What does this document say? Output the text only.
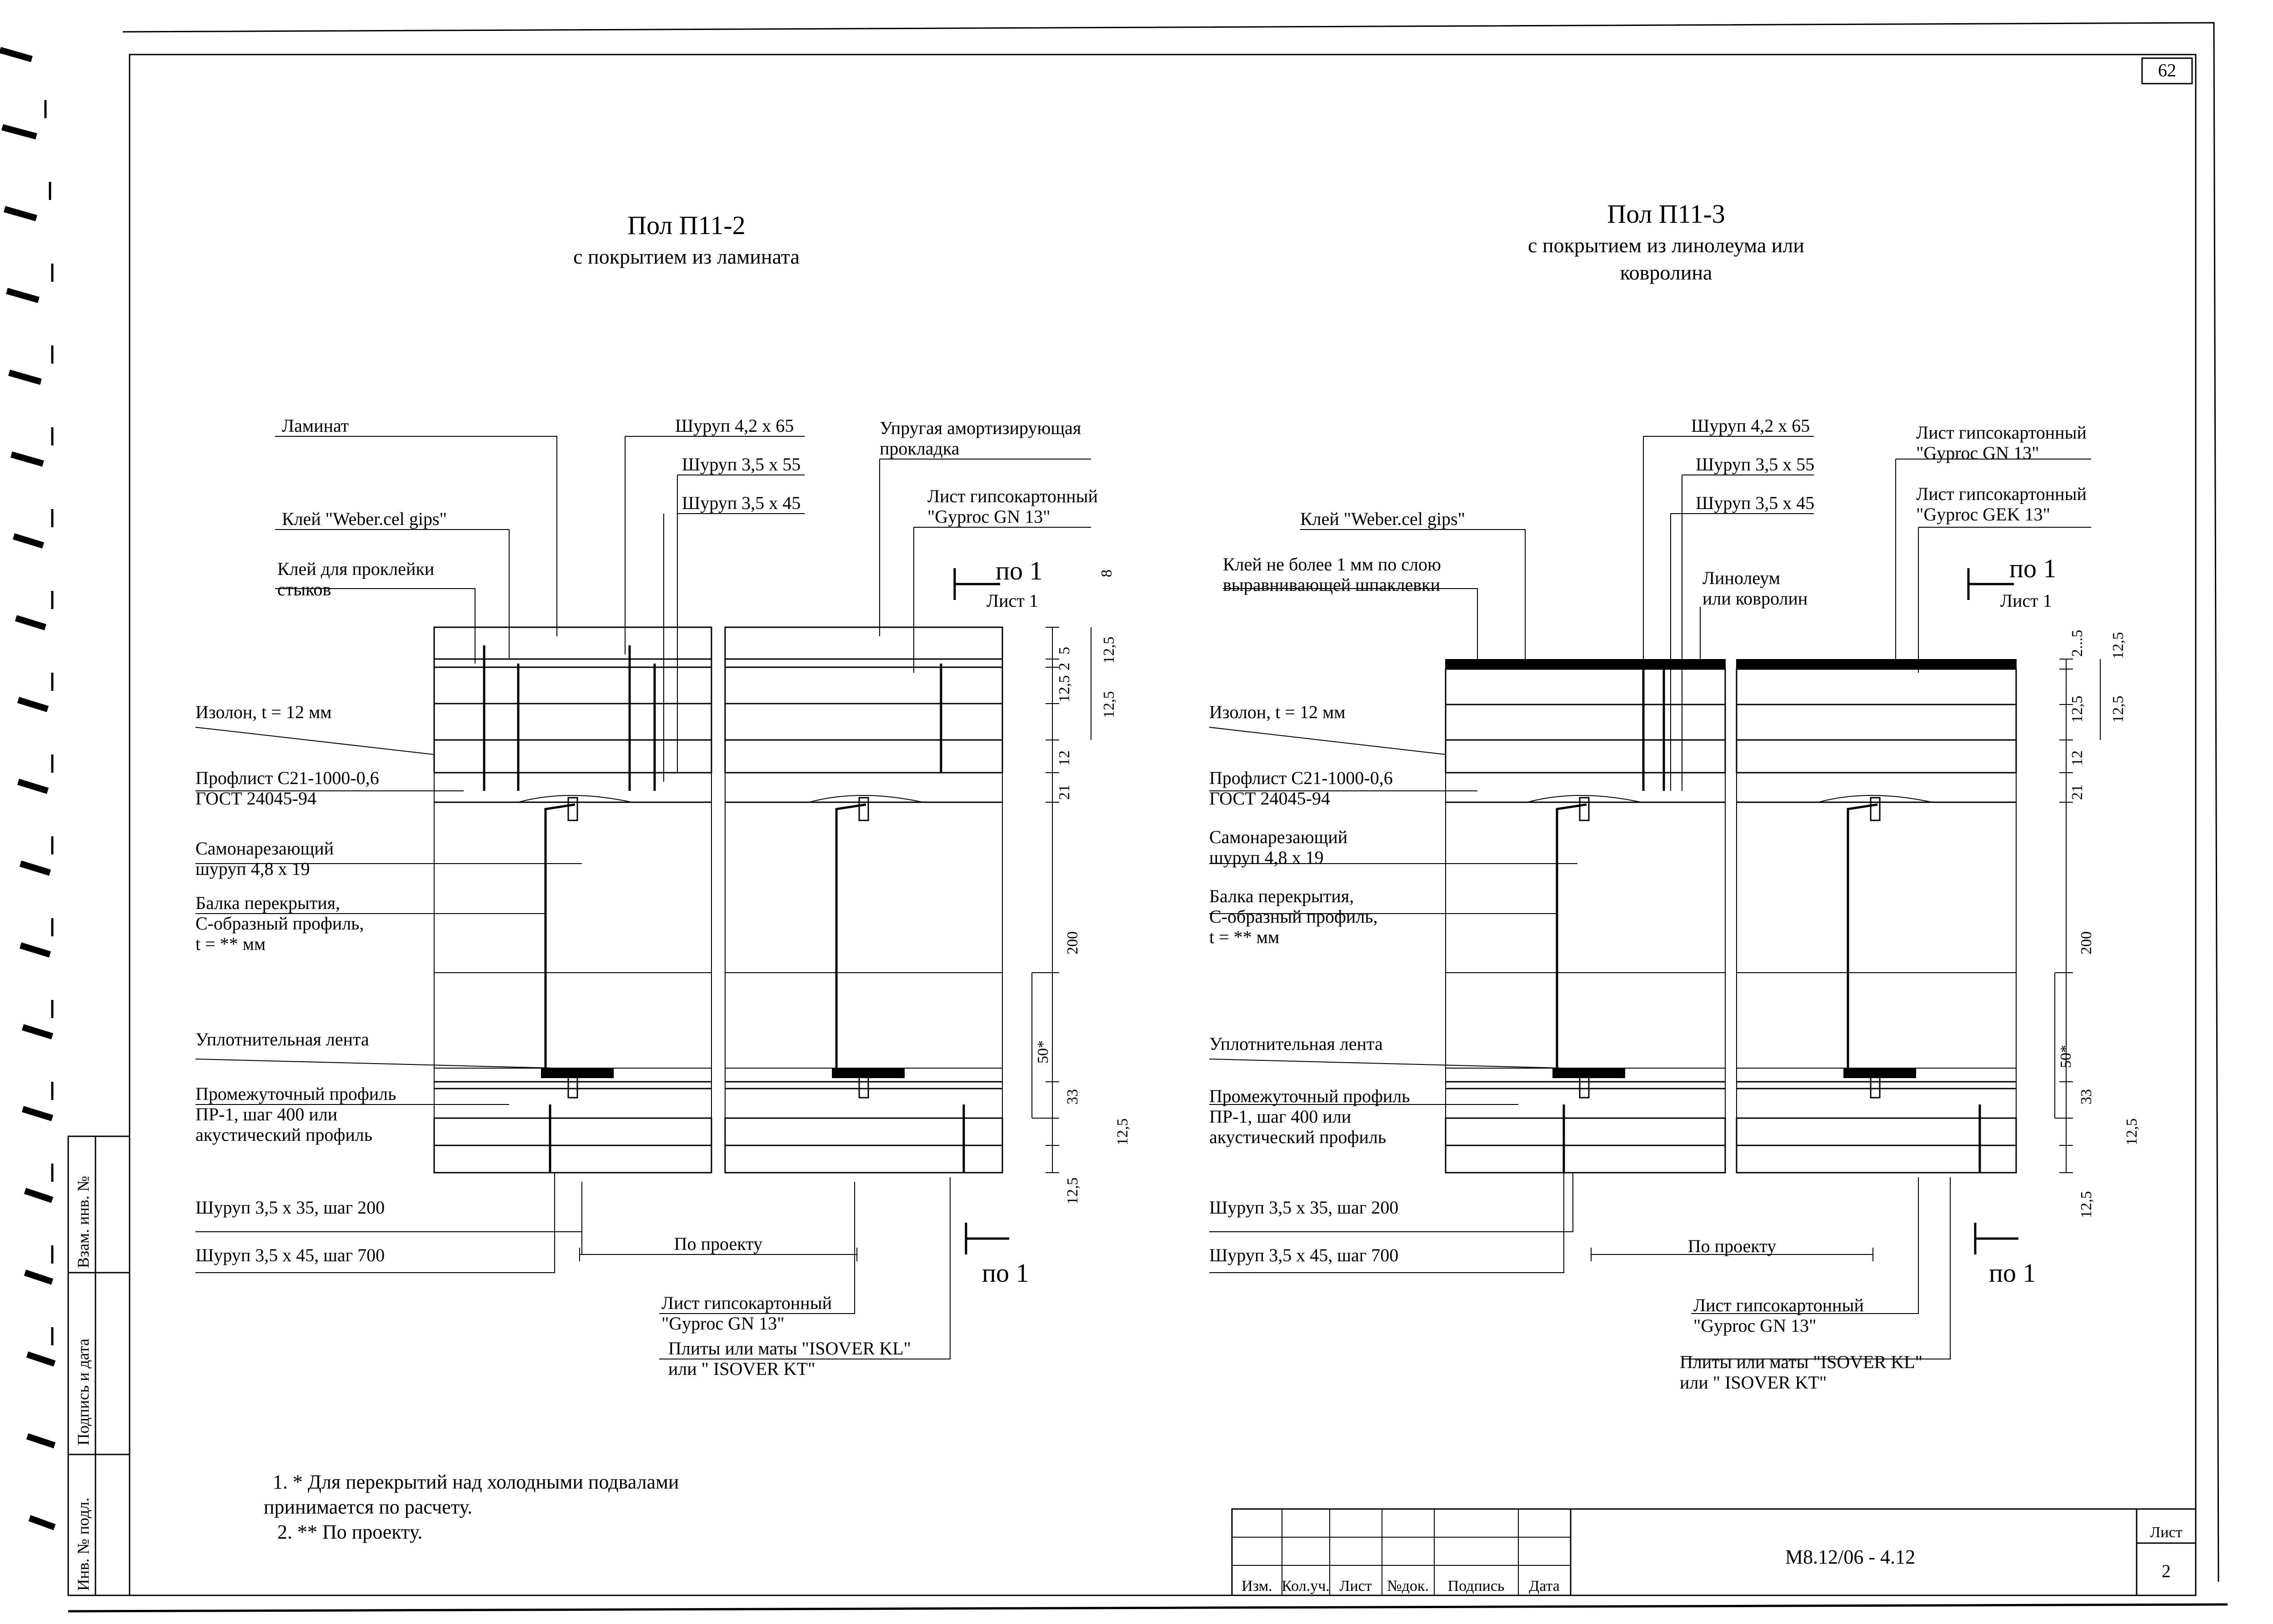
62
Взам. инв. №
Подпись и дата
Инв. № подл.	Изм. Кол.уч. Лист №док. Подпись Дата
М8.12/06 - 4.12
Лист
2
Пол П11-2
с покрытием из ламината
Ламинат
Клей "Weber.cel gips"
Клей для проклейки
стыков
Шуруп 4,2 х 65
Шуруп 3,5 х 55
Шуруп 3,5 х 45
Упругая амортизирующая
прокладка
Лист гипсокартонный
"Gyproc GN 13"
Изолон, t = 12 мм
Профлист С21-1000-0,6
ГОСТ 24045-94
Самонарезающий
шуруп 4,8 х 19
Балка перекрытия,
С-образный профиль,
t = ** мм
Уплотнительная лента
Промежуточный профиль
ПР-1, шаг 400 или
акустический профиль
Шуруп 3,5 х 35, шаг 200
Шуруп 3,5 х 45, шаг 700
По проекту
Лист гипсокартонный
"Gyproc GN 13"
Плиты или маты "ISOVER KL"
или " ISOVER KT"
по 1
Лист 1
по 1
8
5
2
12,5
12,5
12,5
12
21
200
50*
33
12,5
12,5
Пол П11-3
с покрытием из линолеума или
ковролина
Клей "Weber.cel gips"
Клей не более 1 мм по слою
выравнивающей шпаклевки
Шуруп 4,2 х 65
Шуруп 3,5 х 55
Шуруп 3,5 х 45
Линолеум
или ковролин
Лист гипсокартонный
"Gyproc GN 13"
Лист гипсокартонный
"Gyproc GEK 13"
Изолон, t = 12 мм
Профлист С21-1000-0,6
ГОСТ 24045-94
Самонарезающий
шуруп 4,8 х 19
Балка перекрытия,
С-образный профиль,
t = ** мм
Уплотнительная лента
Промежуточный профиль
ПР-1, шаг 400 или
акустический профиль
Шуруп 3,5 х 35, шаг 200
Шуруп 3,5 х 45, шаг 700	По проекту
Лист гипсокартонный
"Gyproc GN 13"
Плиты или маты "ISOVER KL"
или " ISOVER KT"
по 1
Лист 1
по 1
2...5 12,5
12,5 12,5
12
21
200
50*
33
12,5
12,5
1. * Для перекрытий над холодными подвалами
принимается по расчету.
2. ** По проекту.
